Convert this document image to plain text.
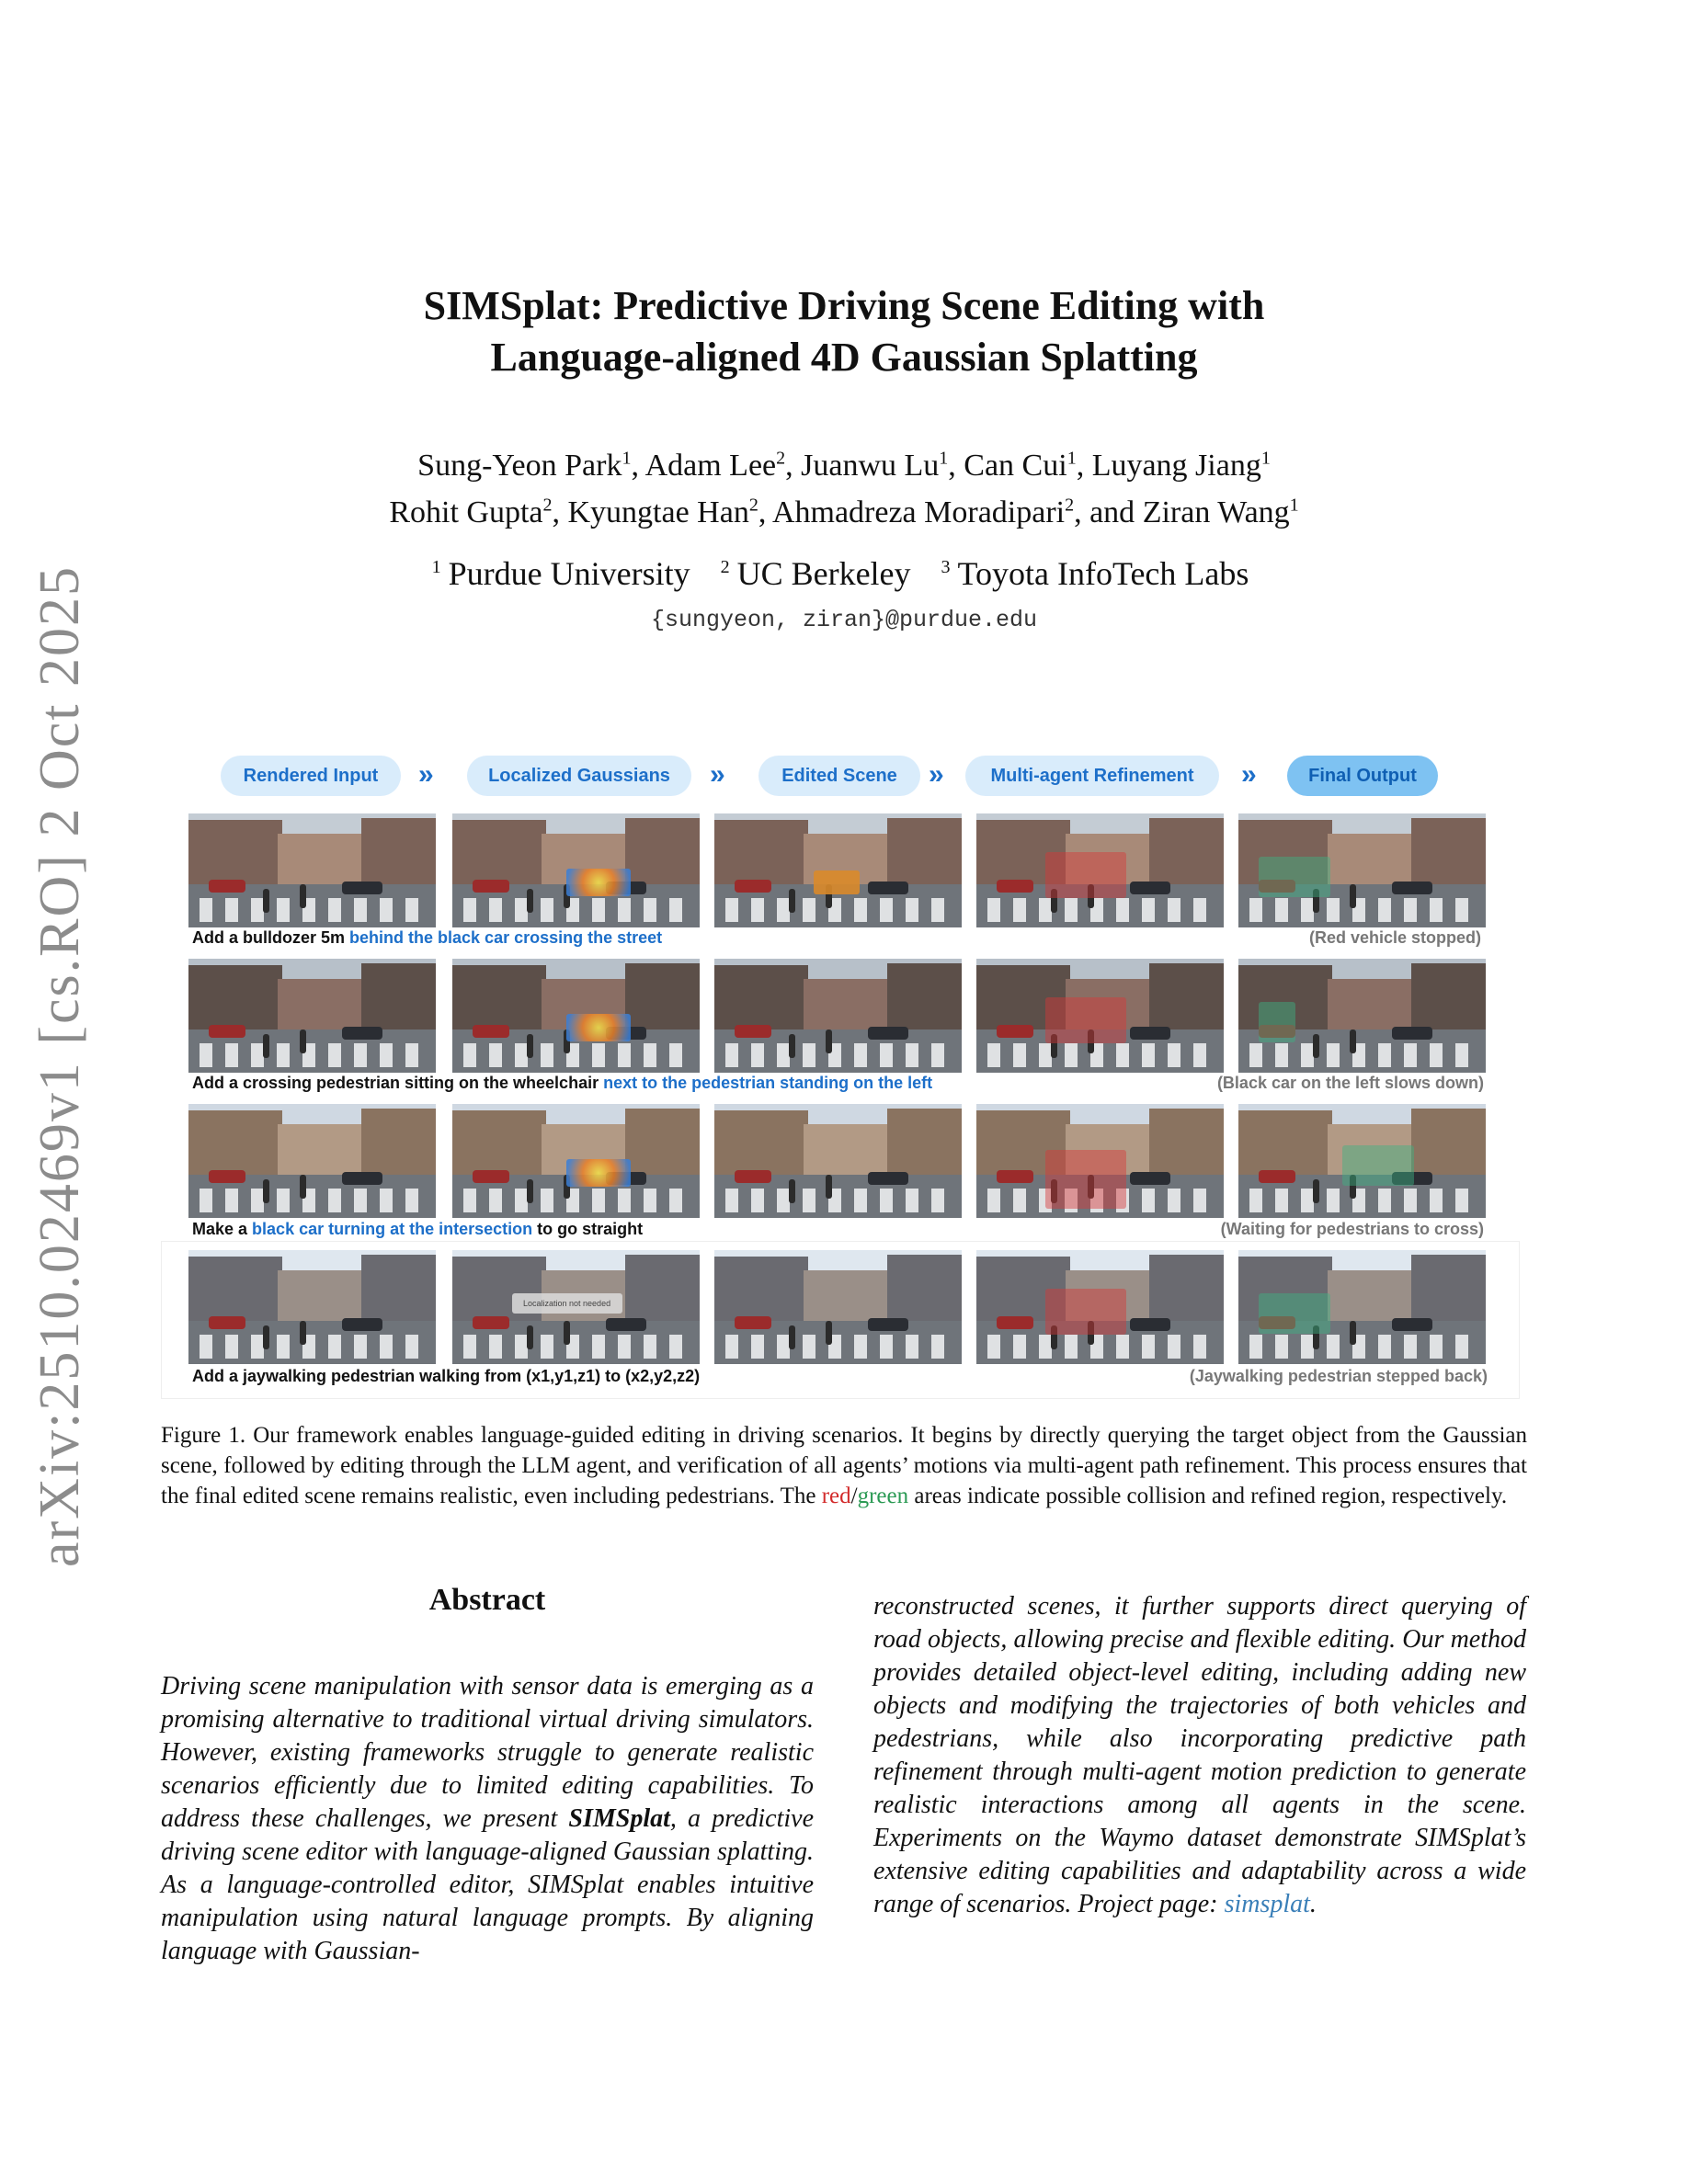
arXiv:2510.02469v1 [cs.RO] 2 Oct 2025
SIMSplat: Predictive Driving Scene Editing with
Language-aligned 4D Gaussian Splatting
Sung-Yeon Park$^1$, Adam Lee$^2$, Juanwu Lu$^1$, Can Cui$^1$, Luyang Jiang$^1$
Rohit Gupta$^2$, Kyungtae Han$^2$, Ahmadreza Moradipari$^2$, and Ziran Wang$^1$
$^1$ Purdue University $^2$ UC Berkeley $^3$ Toyota InfoTech Labs
{sungyeon, ziran}@purdue.edu
Rendered Input	»	Localized Gaussians	»	Edited Scene	»	Multi-agent Refinement	»	Final Output
Add a bulldozer 5m behind the black car crossing the street	(Red vehicle stopped)
Add a crossing pedestrian sitting on the wheelchair next to the pedestrian standing on the left	(Black car on the left slows down)
Make a black car turning at the intersection to go straight	(Waiting for pedestrians to cross)
Localization not needed
Add a jaywalking pedestrian walking from (x1,y1,z1) to (x2,y2,z2)	(Jaywalking pedestrian stepped back)
Figure 1. Our framework enables language-guided editing in driving scenarios. It begins by directly querying the target object from the Gaussian scene, followed by editing through the LLM agent, and verification of all agents’ motions via multi-agent path refinement. This process ensures that the final edited scene remains realistic, even including pedestrians. The red/green areas indicate possible collision and refined region, respectively.
Abstract
Driving scene manipulation with sensor data is emerging as a promising alternative to traditional virtual driving simulators. However, existing frameworks struggle to generate realistic scenarios efficiently due to limited editing capabilities. To address these challenges, we present SIMSplat, a predictive driving scene editor with language-aligned Gaussian splatting. As a language-controlled editor, SIMSplat enables intuitive manipulation using natural language prompts. By aligning language with Gaussian-
reconstructed scenes, it further supports direct querying of road objects, allowing precise and flexible editing. Our method provides detailed object-level editing, including adding new objects and modifying the trajectories of both vehicles and pedestrians, while also incorporating predictive path refinement through multi-agent motion prediction to generate realistic interactions among all agents in the scene. Experiments on the Waymo dataset demonstrate SIMSplat’s extensive editing capabilities and adaptability across a wide range of scenarios. Project page: simsplat.
